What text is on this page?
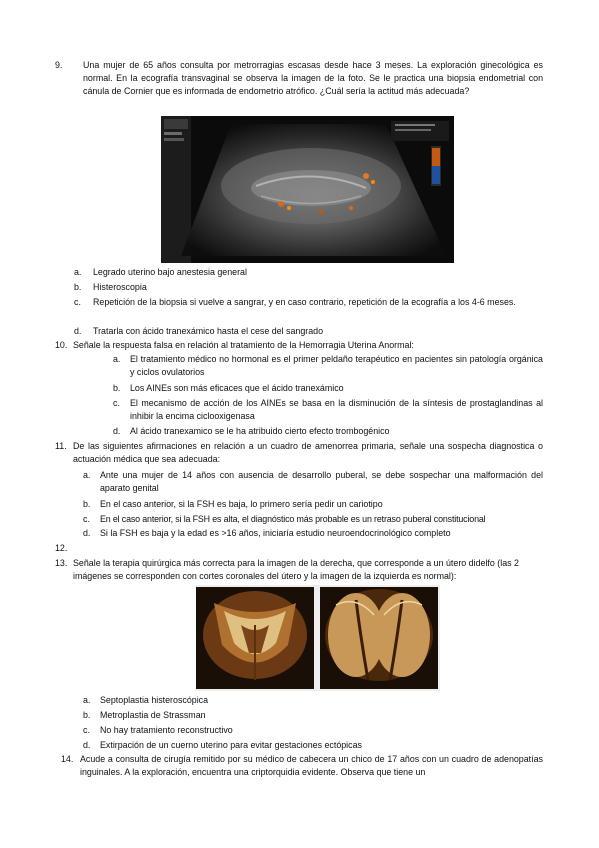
9. Una mujer de 65 años consulta por metrorragias escasas desde hace 3 meses. La exploración ginecológica es normal. En la ecografía transvaginal se observa la imagen de la foto. Se le practica una biopsia endometrial con cánula de Cornier que es informada de endometrio atrófico. ¿Cuál sería la actitud más adecuada?
a. Legrado uterino bajo anestesia general
b. Histeroscopia
c. Repetición de la biopsia si vuelve a sangrar, y en caso contrario, repetición de la ecografía a los 4-6 meses.
d. Tratarla con ácido tranexámico hasta el cese del sangrado
10. Señale la respuesta falsa en relación al tratamiento de la Hemorragia Uterina Anormal:
a. El tratamiento médico no hormonal es el primer peldaño terapéutico en pacientes sin patología orgánica y ciclos ovulatorios
b. Los AINEs son más eficaces que el ácido tranexámico
c. El mecanismo de acción de los AINEs se basa en la disminución de la síntesis de prostaglandinas al inhibir la encima ciclooxigenasa
d. Al ácido tranexamico se le ha atribuido cierto efecto trombogénico
11. De las siguientes afirmaciones en relación a un cuadro de amenorrea primaria, señale una sospecha diagnostica o actuación médica que sea adecuada:
a. Ante una mujer de 14 años con ausencia de desarrollo puberal, se debe sospechar una malformación del aparato genital
b. En el caso anterior, si la FSH es baja, lo primero sería pedir un cariotipo
c. En el caso anterior, si la FSH es alta, el diagnóstico más probable es un retraso puberal constitucional
d. Si la FSH es baja y la edad es >16 años, iniciaría estudio neuroendocrinológico completo
12.
13. Señale la terapia quirúrgica más correcta para la imagen de la derecha, que corresponde a un útero didelfo (las 2 imágenes se corresponden con cortes coronales del útero y la imagen de la izquierda es normal):
a. Septoplastia histeroscópica
b. Metroplastia de Strassman
c. No hay tratamiento reconstructivo
d. Extirpación de un cuerno uterino para evitar gestaciones ectópicas
14. Acude a consulta de cirugía remitido por su médico de cabecera un chico de 17 años con un cuadro de adenopatías inguinales. A la exploración, encuentra una criptorquidia evidente. Observa que tiene un
